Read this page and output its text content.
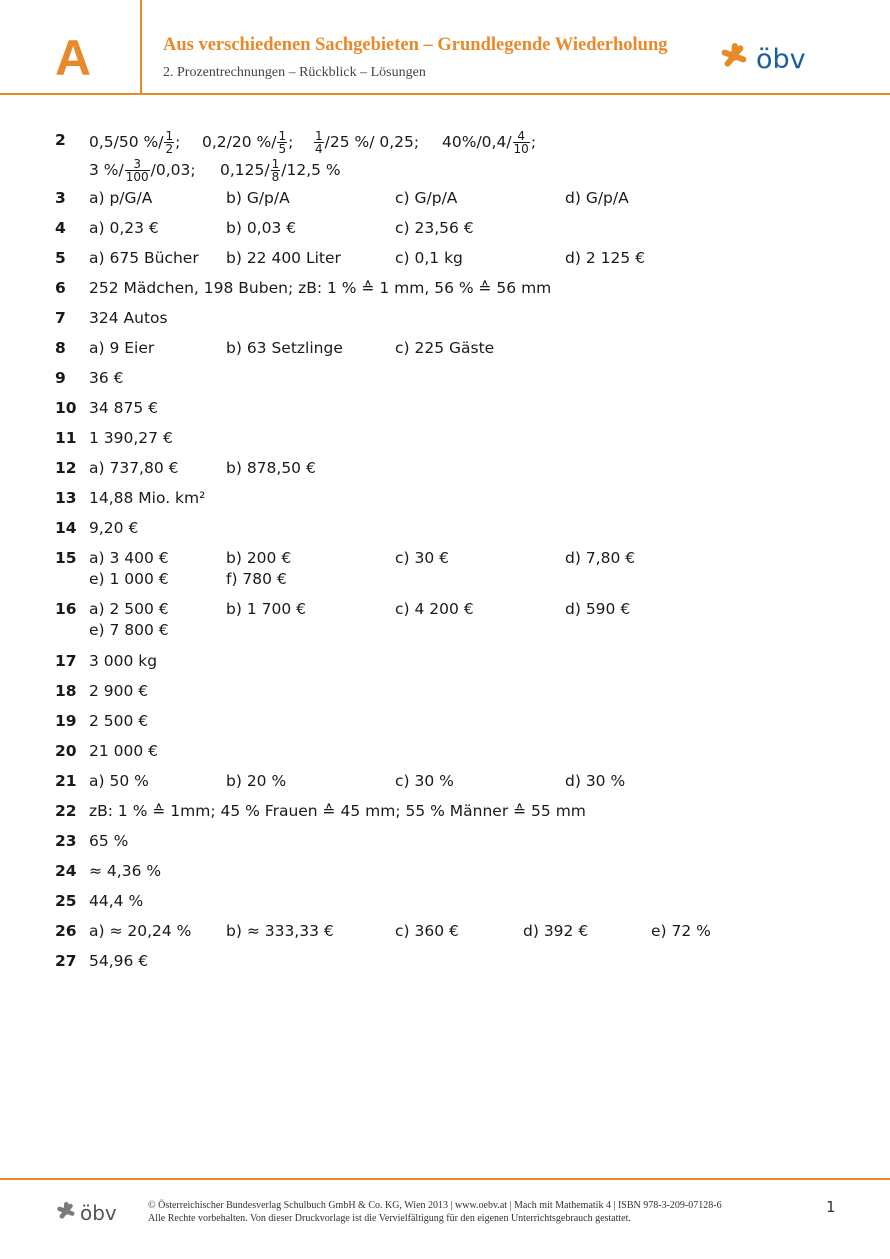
A	Aus verschiedenen Sachgebieten – Grundlegende Wiederholung
2. Prozentrechnungen – Rückblick – Lösungen	öbv
2 0,5/50 %/ $\frac{1}{2}$ ; 0,2/20 %/ $\frac{1}{5}$ ; $\frac{1}{4} /25$ %/ 0,25; $40\%/0,4/ \frac{4}{10}$ ;
3 %/ $\frac{3}{100} /0,03$; $0,125/ \frac{1}{8} /12,5$ %
3 a) p/G/A	b) G/p/A	c) G/p/A	d) G/p/A
4 a) 0,23 €	b) 0,03 €	c) 23,56 €
5 a) 675 Bücher b) 22 400 Liter	c) 0,1 kg	d) 2 125 €
6 252 Mädchen, 198 Buben; zB: 1 % ≙ 1 mm, 56 % ≙ 56 mm
7 324 Autos
8 a) 9 Eier	b) 63 Setzlinge	c) 225 Gäste
9 36 €
10 34 875 €
11 1 390,27 €
12 a) 737,80 €	b) 878,50 €
13 14,88 Mio. km²
14 9,20 €
15 a) 3 400 €	b) 200 €	c) 30 €	d) 7,80 €
e) 1 000 €	f) 780 €
16 a) 2 500 €	b) 1 700 €	c) 4 200 €	d) 590 €
e) 7 800 €
17 3 000 kg
18 2 900 €
19 2 500 €
20 21 000 €
21 a) 50 %	b) 20 %	c) 30 %	d) 30 %
22 zB: 1 % ≙ 1mm; 45 % Frauen ≙ 45 mm; 55 % Männer ≙ 55 mm
23 65 %
24 ≈ 4,36 %
25 44,4 %
26 a) ≈ 20,24 % b) ≈ 333,33 €	c) 360 €	d) 392 €	e) 72 %
27 54,96 €
öbv	© Österreichischer Bundesverlag Schulbuch GmbH & Co. KG, Wien 2013 | www.oebv.at | Mach mit Mathematik 4 | ISBN 978-3-209-07128-6
Alle Rechte vorbehalten. Von dieser Druckvorlage ist die Vervielfältigung für den eigenen Unterrichtsgebrauch gestattet.
1
